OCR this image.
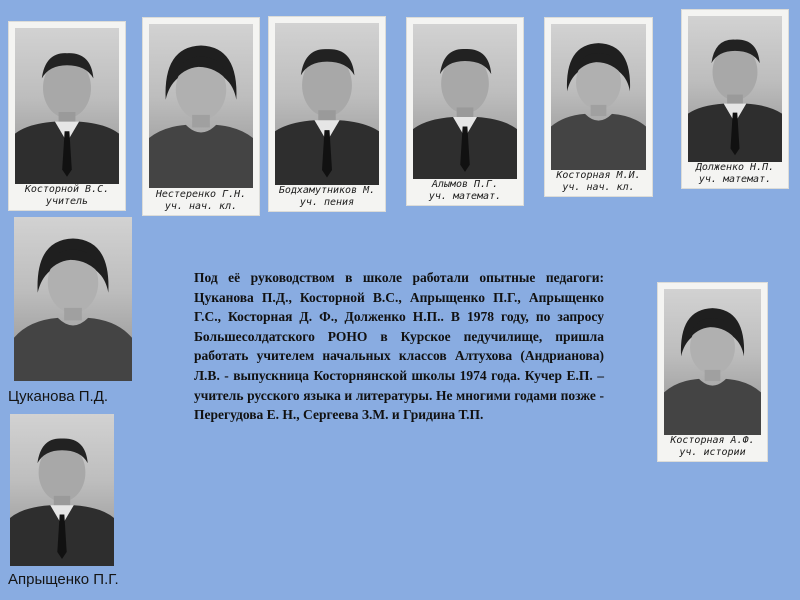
Косторной В.С.
учитель
Нестеренко Г.Н.
уч. нач. кл.
Бодхамутников М.
уч. пения
Алымов П.Г.
уч. математ.
Косторная М.И.
уч. нач. кл.
Долженко Н.П.
уч. математ.
Цуканова П.Д.
Апрыщенко П.Г.
Косторная А.Ф.
уч. истории

Под её руководством в школе работали опытные педагоги: Цуканова П.Д., Косторной В.С., Апрыщенко П.Г., Апрыщенко Г.С., Косторная Д. Ф., Долженко Н.П.. В 1978 году, по запросу Большесолдатского РОНО в Курское педучилище, пришла работать учителем начальных классов Алтухова (Андрианова) Л.В. - выпускница Косторнянской школы 1974 года. Кучер Е.П. – учитель русского языка и литературы. Не многими годами позже - Перегудова Е. Н., Сергеева З.М. и Гридина Т.П.
